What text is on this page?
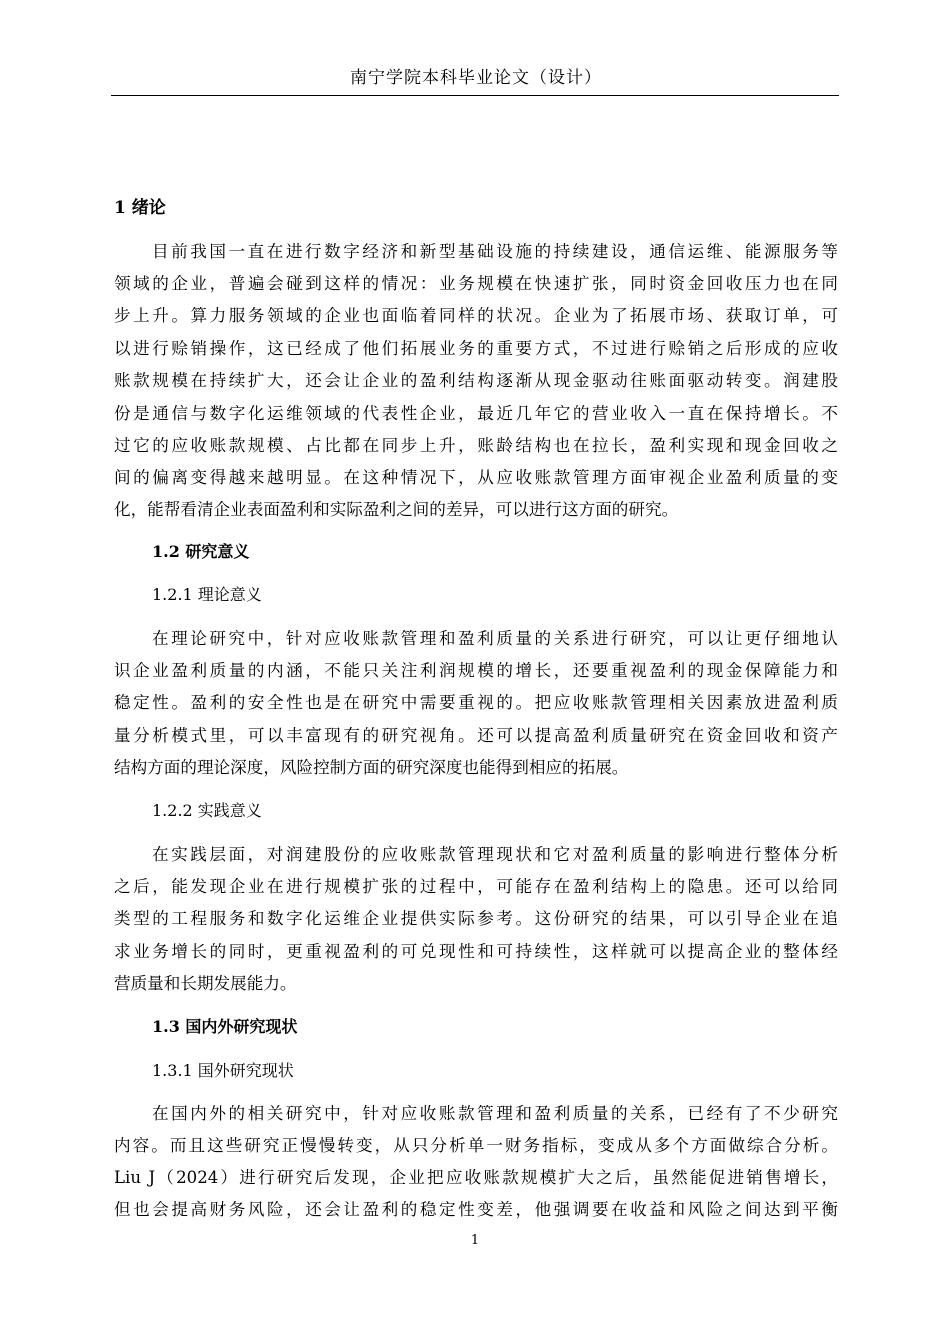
南宁学院本科毕业论文（设计）
1 绪论
目前我国一直在进行数字经济和新型基础设施的持续建设，通信运维、能源服务等
领域的企业，普遍会碰到这样的情况：业务规模在快速扩张，同时资金回收压力也在同
步上升。算力服务领域的企业也面临着同样的状况。企业为了拓展市场、获取订单，可
以进行赊销操作，这已经成了他们拓展业务的重要方式，不过进行赊销之后形成的应收
账款规模在持续扩大，还会让企业的盈利结构逐渐从现金驱动往账面驱动转变。润建股
份是通信与数字化运维领域的代表性企业，最近几年它的营业收入一直在保持增长。不
过它的应收账款规模、占比都在同步上升，账龄结构也在拉长，盈利实现和现金回收之
间的偏离变得越来越明显。在这种情况下，从应收账款管理方面审视企业盈利质量的变
化，能帮看清企业表面盈利和实际盈利之间的差异，可以进行这方面的研究。
1.2 研究意义
1.2.1 理论意义
在理论研究中，针对应收账款管理和盈利质量的关系进行研究，可以让更仔细地认
识企业盈利质量的内涵，不能只关注利润规模的增长，还要重视盈利的现金保障能力和
稳定性。盈利的安全性也是在研究中需要重视的。把应收账款管理相关因素放进盈利质
量分析模式里，可以丰富现有的研究视角。还可以提高盈利质量研究在资金回收和资产
结构方面的理论深度，风险控制方面的研究深度也能得到相应的拓展。
1.2.2 实践意义
在实践层面，对润建股份的应收账款管理现状和它对盈利质量的影响进行整体分析
之后，能发现企业在进行规模扩张的过程中，可能存在盈利结构上的隐患。还可以给同
类型的工程服务和数字化运维企业提供实际参考。这份研究的结果，可以引导企业在追
求业务增长的同时，更重视盈利的可兑现性和可持续性，这样就可以提高企业的整体经
营质量和长期发展能力。
1.3 国内外研究现状
1.3.1 国外研究现状
在国内外的相关研究中，针对应收账款管理和盈利质量的关系，已经有了不少研究
内容。而且这些研究正慢慢转变，从只分析单一财务指标，变成从多个方面做综合分析。
Liu J（2024）进行研究后发现，企业把应收账款规模扩大之后，虽然能促进销售增长，
但也会提高财务风险，还会让盈利的稳定性变差，他强调要在收益和风险之间达到平衡
1
